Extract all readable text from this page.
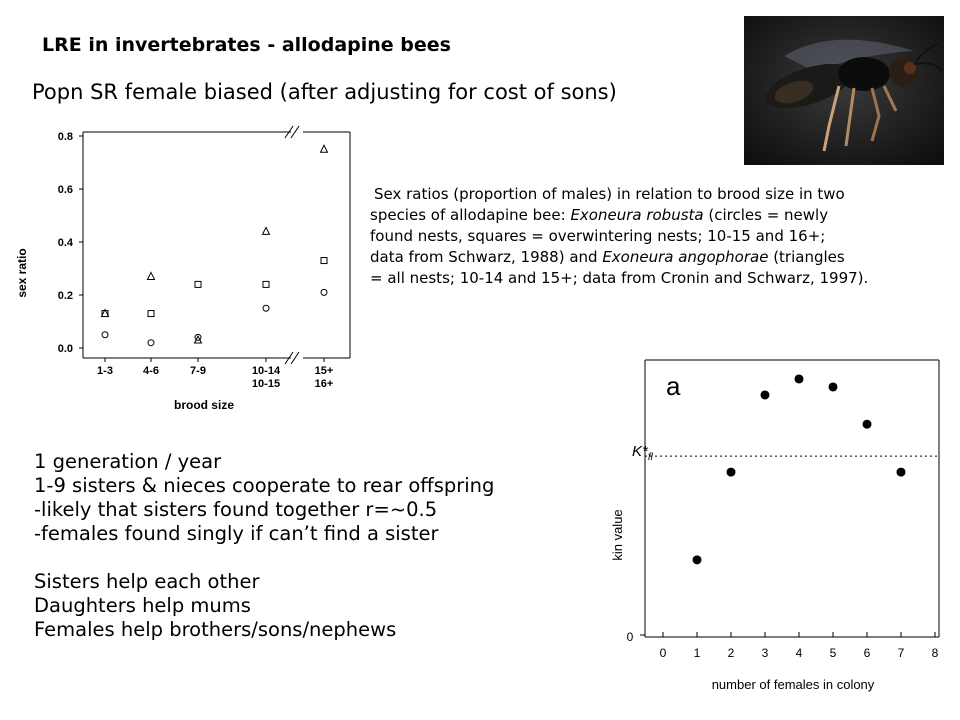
LRE in invertebrates - allodapine bees
Popn SR female biased (after adjusting for cost of sons)
0.0
0.2
0.4
0.6
0.8
1-3	4-6	7-9	10-14
10-15
15+
16+
sex ratio
brood size
Sex ratios (proportion of males) in relation to brood size in two
species of allodapine bee: Exoneura robusta (circles = newly
found nests, squares = overwintering nests; 10-15 and 16+;
data from Schwarz, 1988) and Exoneura angophorae (triangles
= all nests; 10-14 and 15+; data from Cronin and Schwarz, 1997).
0
0 1 2 3 4 5 6 7 8
a
$K*_{fl}$
kin value
number of females in colony
1 generation / year
1-9 sisters & nieces cooperate to rear offspring
-likely that sisters found together r=~0.5
-females found singly if can’t find a sister
Sisters help each other
Daughters help mums
Females help brothers/sons/nephews
